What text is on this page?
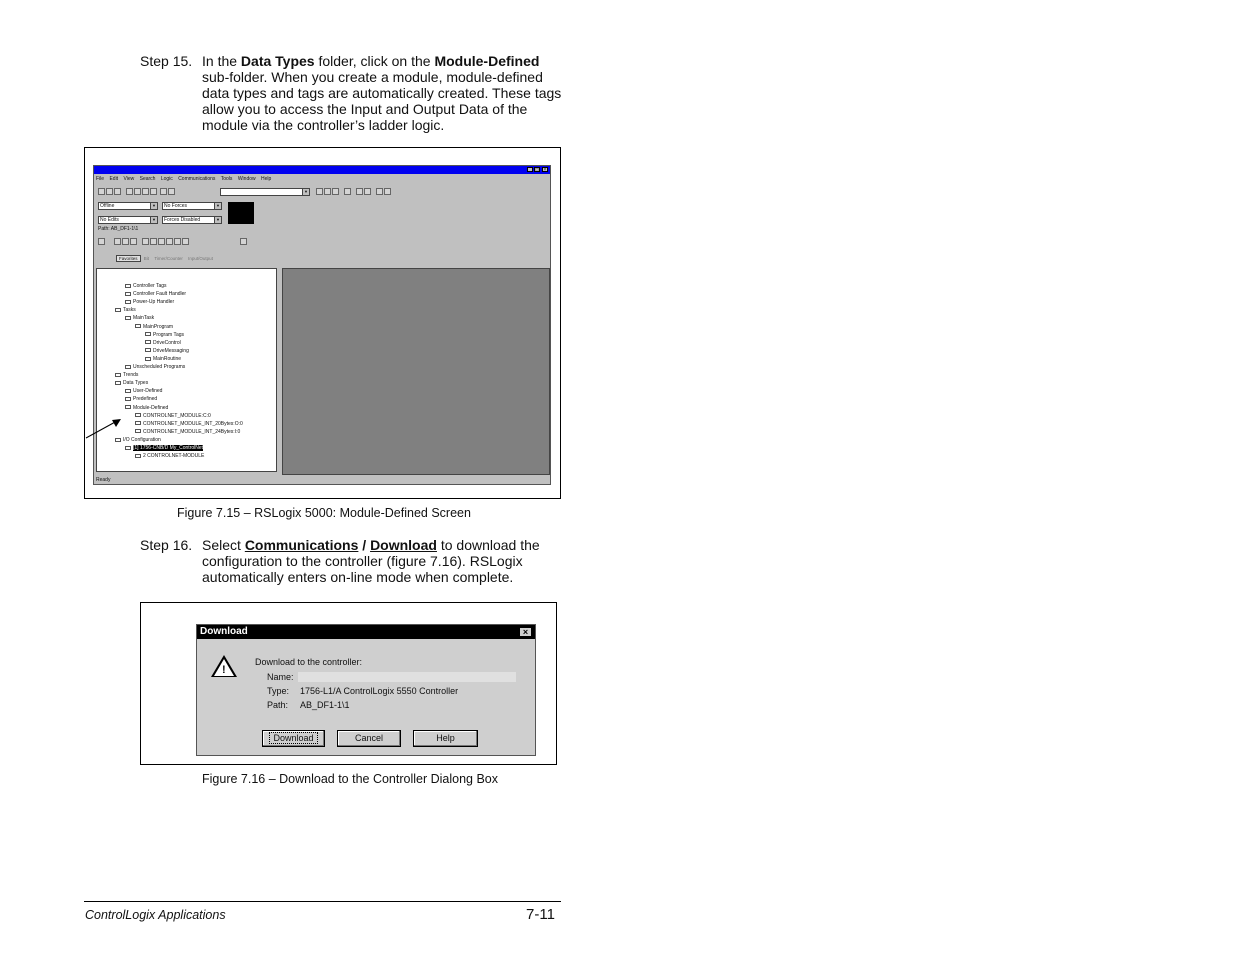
Step 15. In the Data Types folder, click on the Module-Defined
sub-folder. When you create a module, module-defined
data types and tags are automatically created. These tags
allow you to access the Input and Output Data of the
module via the controller’s ladder logic.
_ □	×
File Edit View Search Logic Communications Tools Window Help
▼
Offline	▼	No Forces	▼
No Edits	▼	Forces Disabled	▼
Path: AB_DF1-1\1
Favorites Bit Timer/Counter Input/Output
Controller Tags
Controller Fault Handler
Power-Up Handler
Tasks
MainTask
MainProgram
Program Tags
DriveControl
DriveMessaging
MainRoutine
Unscheduled Programs
Trends
Data Types
User-Defined
Predefined
Module-Defined
CONTROLNET_MODULE:C:0
CONTROLNET_MODULE_INT_20Bytes:O:0
CONTROLNET_MODULE_INT_24Bytes:I:0
I/O Configuration
[1] 1756-CNB/D My_ControlNet
2 CONTROLNET-MODULE
Ready
Figure 7.15 – RSLogix 5000: Module-Defined Screen
Step 16. Select Communications / Download to download the
configuration to the controller (figure 7.16). RSLogix
automatically enters on-line mode when complete.
Download	×
!
Download to the controller:
Name:
Type: 1756-L1/A ControlLogix 5550 Controller
Path: AB_DF1-1\1
Download	Cancel	Help
Figure 7.16 – Download to the Controller Dialong Box
ControlLogix Applications	7-11
